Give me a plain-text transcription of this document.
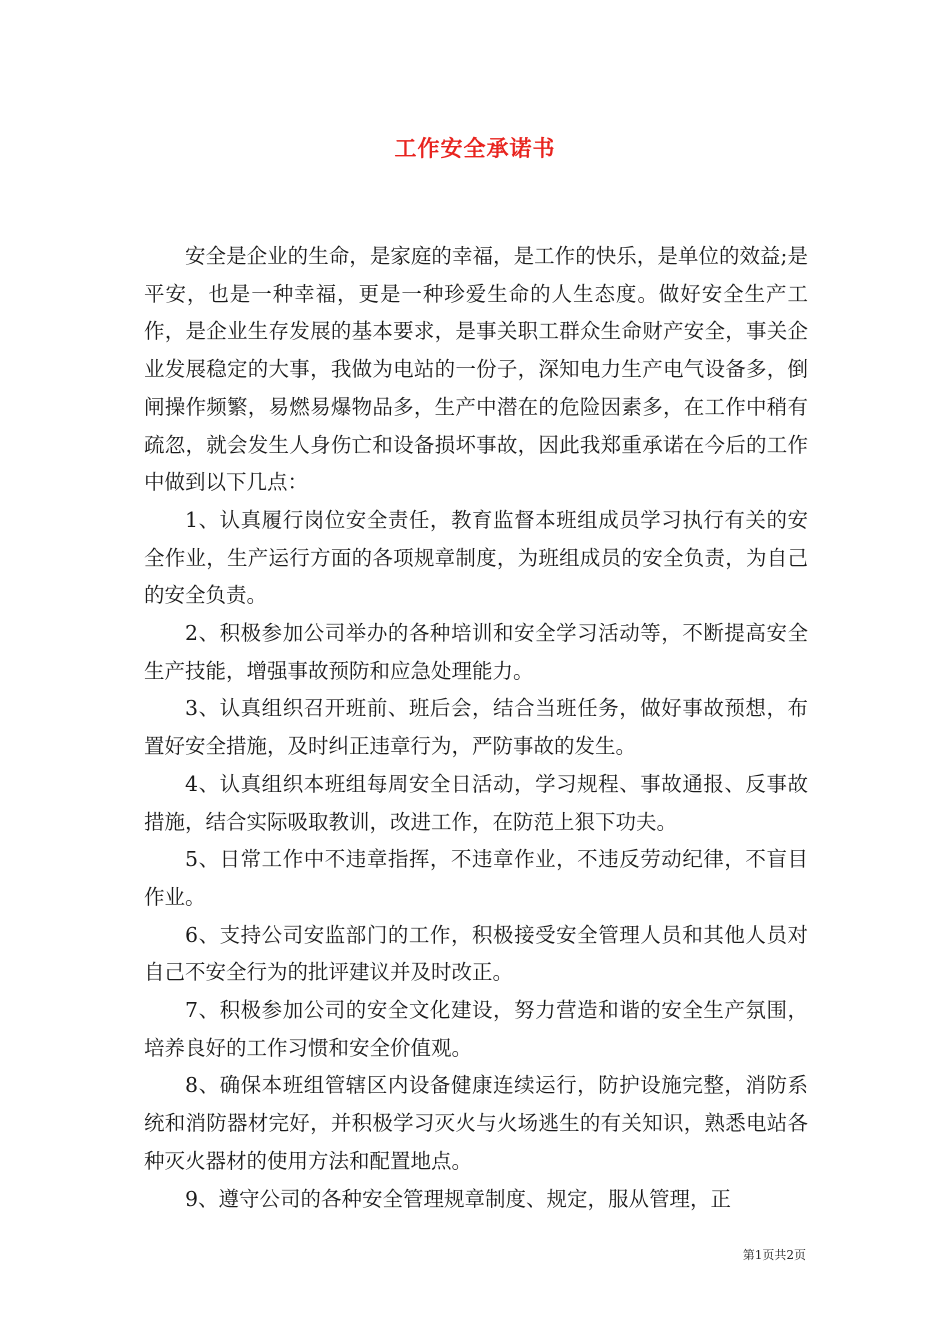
工作安全承诺书

安全是企业的生命，是家庭的幸福，是工作的快乐，是单位的效益;是平安，也是一种幸福，更是一种珍爱生命的人生态度。做好安全生产工作，是企业生存发展的基本要求，是事关职工群众生命财产安全，事关企业发展稳定的大事，我做为电站的一份子，深知电力生产电气设备多，倒闸操作频繁，易燃易爆物品多，生产中潜在的危险因素多，在工作中稍有疏忽，就会发生人身伤亡和设备损坏事故，因此我郑重承诺在今后的工作中做到以下几点：

1、认真履行岗位安全责任，教育监督本班组成员学习执行有关的安全作业，生产运行方面的各项规章制度，为班组成员的安全负责，为自己的安全负责。

2、积极参加公司举办的各种培训和安全学习活动等，不断提高安全生产技能，增强事故预防和应急处理能力。

3、认真组织召开班前、班后会，结合当班任务，做好事故预想，布置好安全措施，及时纠正违章行为，严防事故的发生。

4、认真组织本班组每周安全日活动，学习规程、事故通报、反事故措施，结合实际吸取教训，改进工作，在防范上狠下功夫。

5、日常工作中不违章指挥，不违章作业，不违反劳动纪律，不盲目作业。

6、支持公司安监部门的工作，积极接受安全管理人员和其他人员对自己不安全行为的批评建议并及时改正。

7、积极参加公司的安全文化建设，努力营造和谐的安全生产氛围，培养良好的工作习惯和安全价值观。

8、确保本班组管辖区内设备健康连续运行，防护设施完整，消防系统和消防器材完好，并积极学习灭火与火场逃生的有关知识，熟悉电站各种灭火器材的使用方法和配置地点。

9、遵守公司的各种安全管理规章制度、规定，服从管理，正

第1页共2页
